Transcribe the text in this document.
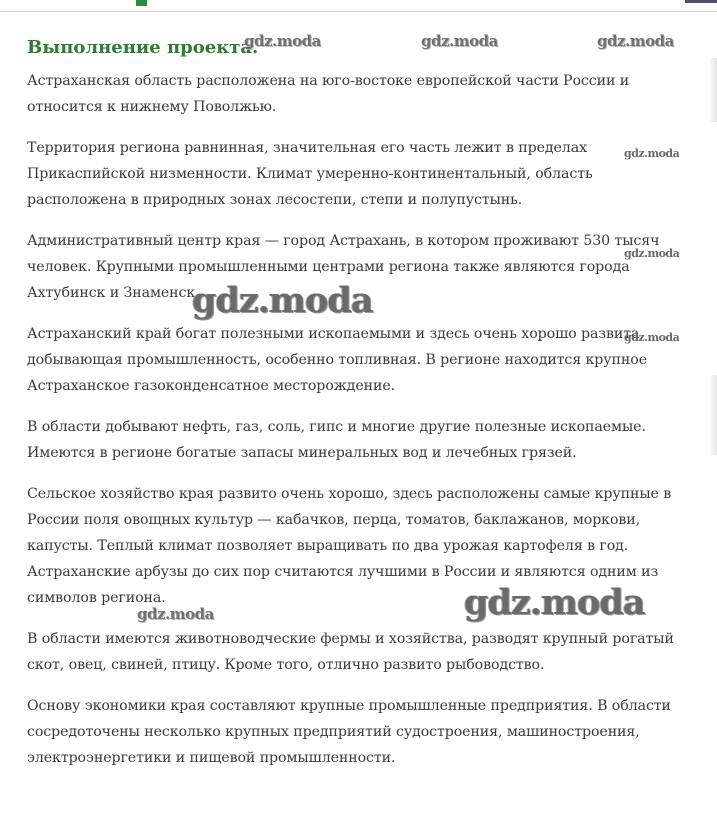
Выполнение проекта.

Астраханская область расположена на юго-востоке европейской части России и относится к нижнему Поволжью.

Территория региона равнинная, значительная его часть лежит в пределах Прикаспийской низменности. Климат умеренно-континентальный, область расположена в природных зонах лесостепи, степи и полупустынь.

Административный центр края — город Астрахань, в котором проживают 530 тысяч человек. Крупными промышленными центрами региона также являются города Ахтубинск и Знаменск.

Астраханский край богат полезными ископаемыми и здесь очень хорошо развита добывающая промышленность, особенно топливная. В регионе находится крупное Астраханское газоконденсатное месторождение.

В области добывают нефть, газ, соль, гипс и многие другие полезные ископаемые. Имеются в регионе богатые запасы минеральных вод и лечебных грязей.

Сельское хозяйство края развито очень хорошо, здесь расположены самые крупные в России поля овощных культур — кабачков, перца, томатов, баклажанов, моркови, капусты. Теплый климат позволяет выращивать по два урожая картофеля в год. Астраханские арбузы до сих пор считаются лучшими в России и являются одним из символов региона.

В области имеются животноводческие фермы и хозяйства, разводят крупный рогатый скот, овец, свиней, птицу. Кроме того, отлично развито рыбоводство.

Основу экономики края составляют крупные промышленные предприятия. В области сосредоточены несколько крупных предприятий судостроения, машиностроения, электроэнергетики и пищевой промышленности.

gdz.moda	gdz.moda	gdz.moda
gdz.moda
gdz.moda
gdz.moda
gdz.moda
gdz.moda	gdz.moda
